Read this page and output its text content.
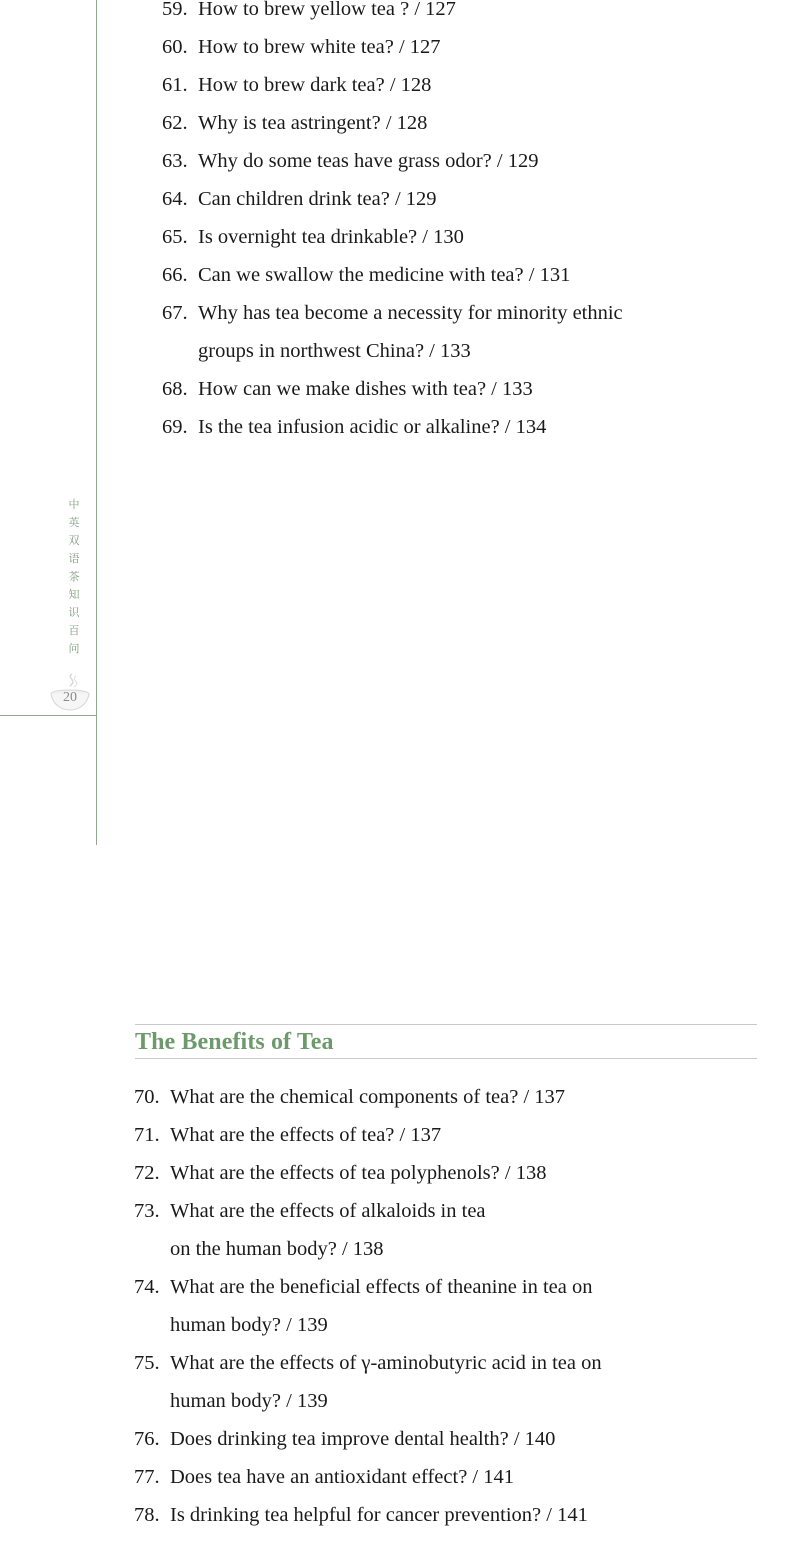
中
英
双
语
茶
知
识
百
问
20
59. How to brew yellow tea ? / 127
60. How to brew white tea? / 127
61. How to brew dark tea? / 128
62. Why is tea astringent? / 128
63. Why do some teas have grass odor? / 129
64. Can children drink tea? / 129
65. Is overnight tea drinkable? / 130
66. Can we swallow the medicine with tea? / 131
67. Why has tea become a necessity for minority ethnic
groups in northwest China? / 133
68. How can we make dishes with tea? / 133
69. Is the tea infusion acidic or alkaline? / 134
The Benefits of Tea
70. What are the chemical components of tea? / 137
71. What are the effects of tea? / 137
72. What are the effects of tea polyphenols? / 138
73. What are the effects of alkaloids in tea
on the human body? / 138
74. What are the beneficial effects of theanine in tea on
human body? / 139
75. What are the effects of γ-aminobutyric acid in tea on
human body? / 139
76. Does drinking tea improve dental health? / 140
77. Does tea have an antioxidant effect? / 141
78. Is drinking tea helpful for cancer prevention? / 141
